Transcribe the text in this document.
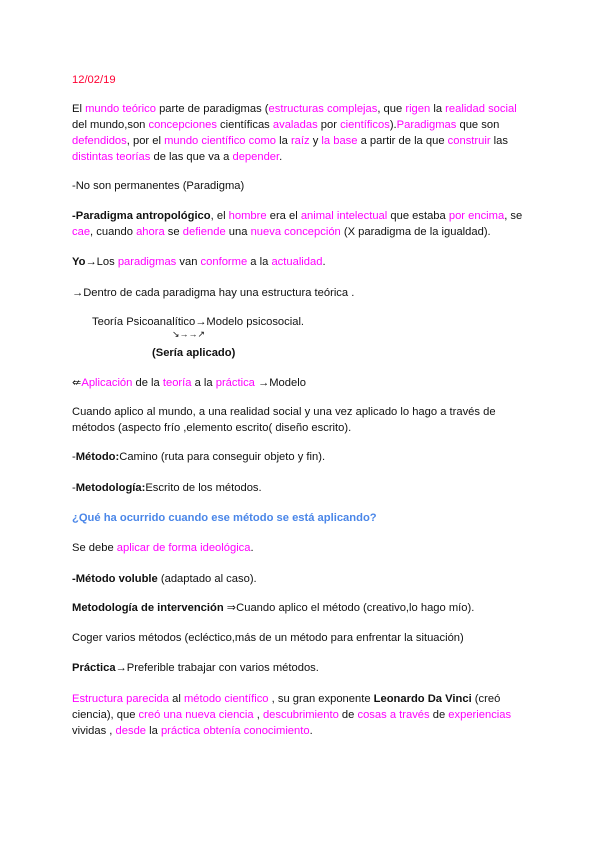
12/02/19
El mundo teórico parte de paradigmas (estructuras complejas, que rigen la realidad social del mundo,son concepciones científicas avaladas por científicos).Paradigmas que son defendidos, por el mundo científico como la raíz y la base a partir de la que construir las distintas teorías de las que va a depender.
-No son permanentes (Paradigma)
-Paradigma antropológico, el hombre era el animal intelectual que estaba por encima, se cae, cuando ahora se defiende una nueva concepción (X paradigma de la igualdad).
Yo→Los paradigmas van conforme a la actualidad.
→Dentro de cada paradigma hay una estructura teórica .
Teoría Psicoanalítico→Modelo psicosocial.
↘→→↗
(Sería aplicado)
⇍Aplicación de la teoría a la práctica →Modelo
Cuando aplico al mundo, a una realidad social y una vez aplicado lo hago a través de métodos (aspecto frío ,elemento escrito( diseño escrito).
-Método:Camino (ruta para conseguir objeto y fin).
-Metodología:Escrito de los métodos.
¿Qué ha ocurrido cuando ese método se está aplicando?
Se debe aplicar de forma ideológica.
-Método voluble (adaptado al caso).
Metodología de intervención ⇒Cuando aplico el método (creativo,lo hago mío).
Coger varios métodos (ecléctico,más de un método para enfrentar la situación)
Práctica→Preferible trabajar con varios métodos.
Estructura parecida al método científico , su gran exponente Leonardo Da Vinci (creó ciencia), que creó una nueva ciencia , descubrimiento de cosas a través de experiencias vividas , desde la práctica obtenía conocimiento.
